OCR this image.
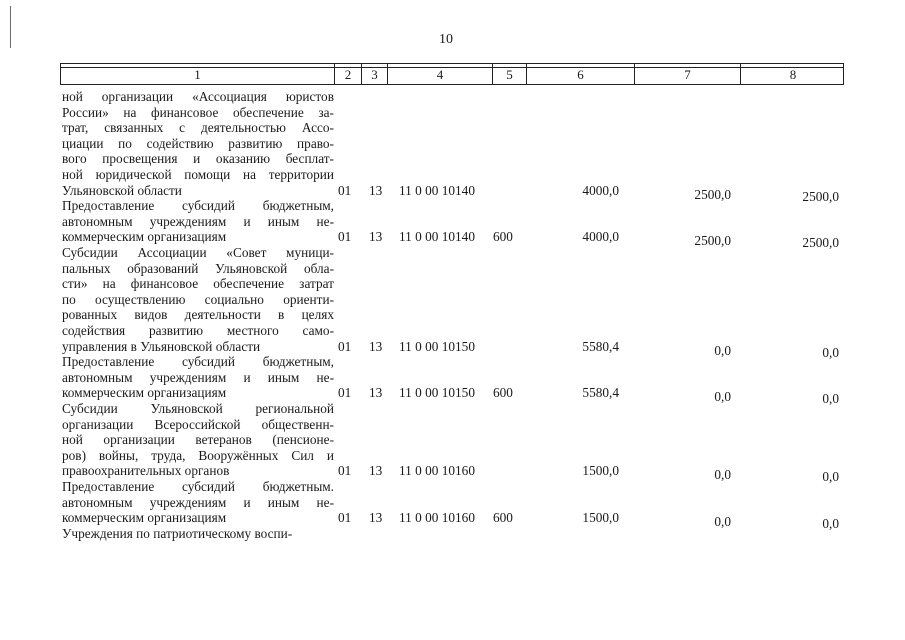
10
1	2	3	4	5	6	7	8
ной организации «Ассоциация юристов
России» на финансовое обеспечение за-
трат, связанных с деятельностью Ассо-
циации по содействию развитию право-
вого просвещения и оказанию бесплат-
ной юридической помощи на территории
Ульяновской области	01 13 11 0 00 10140	4000,0	2500,0	2500,0
Предоставление субсидий бюджетным,
автономным учреждениям и иным не-
коммерческим организациям	01 13 11 0 00 10140 600	4000,0	2500,0	2500,0
Субсидии Ассоциации «Совет муници-
пальных образований Ульяновской обла-
сти» на финансовое обеспечение затрат
по осуществлению социально ориенти-
рованных видов деятельности в целях
содействия развитию местного само-
управления в Ульяновской области	01 13 11 0 00 10150	5580,4	0,0	0,0
Предоставление субсидий бюджетным,
автономным учреждениям и иным не-
коммерческим организациям	01 13 11 0 00 10150 600	5580,4	0,0	0,0
Субсидии Ульяновской региональной
организации Всероссийской общественн-
ной организации ветеранов (пенсионе-
ров) войны, труда, Вооружённых Сил и
правоохранительных органов	01 13 11 0 00 10160	1500,0	0,0	0,0
Предоставление субсидий бюджетным.
автономным учреждениям и иным не-
коммерческим организациям	01 13 11 0 00 10160 600	1500,0	0,0	0,0
Учреждения по патриотическому воспи-
